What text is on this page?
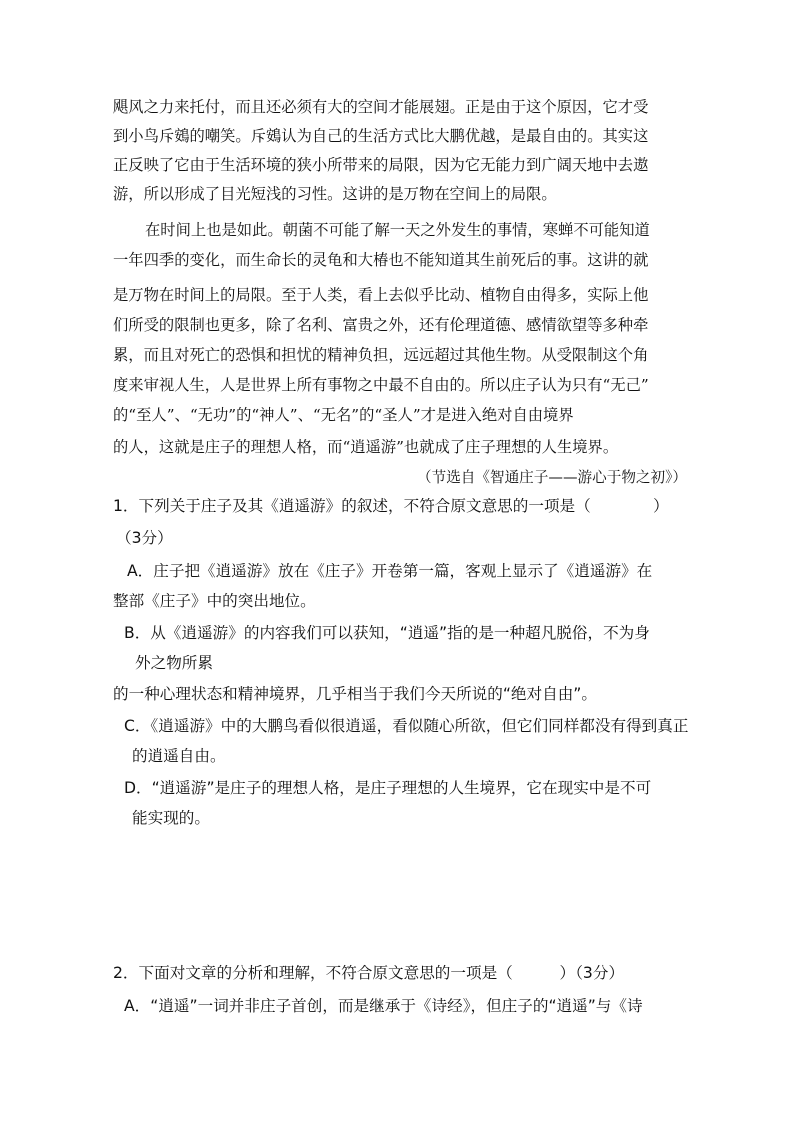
飓风之力来托付，而且还必须有大的空间才能展翅。正是由于这个原因，它才受
到小鸟斥鴳的嘲笑。斥鴳认为自己的生活方式比大鹏优越，是最自由的。其实这
正反映了它由于生活环境的狭小所带来的局限，因为它无能力到广阔天地中去遨
游，所以形成了目光短浅的习性。这讲的是万物在空间上的局限。
在时间上也是如此。朝菌不可能了解一天之外发生的事情，寒蝉不可能知道
一年四季的变化，而生命长的灵龟和大椿也不能知道其生前死后的事。这讲的就
是万物在时间上的局限。至于人类，看上去似乎比动、植物自由得多，实际上他
们所受的限制也更多，除了名利、富贵之外，还有伦理道德、感情欲望等多种牵
累，而且对死亡的恐惧和担忧的精神负担，远远超过其他生物。从受限制这个角
度来审视人生，人是世界上所有事物之中最不自由的。所以庄子认为只有“无己”
的“至人”、“无功”的“神人”、“无名”的“圣人”才是进入绝对自由境界
的人，这就是庄子的理想人格，而“逍遥游”也就成了庄子理想的人生境界。
（节选自《智通庄子——游心于物之初》）
1．下列关于庄子及其《逍遥游》的叙述，不符合原文意思的一项是（　　　　）
（3分）
A．庄子把《逍遥游》放在《庄子》开卷第一篇，客观上显示了《逍遥游》在
整部《庄子》中的突出地位。
B．从《逍遥游》的内容我们可以获知，“逍遥”指的是一种超凡脱俗，不为身
外之物所累
的一种心理状态和精神境界，几乎相当于我们今天所说的“绝对自由”。
C．《逍遥游》中的大鹏鸟看似很逍遥，看似随心所欲，但它们同样都没有得到真正
的逍遥自由。
D．“逍遥游”是庄子的理想人格，是庄子理想的人生境界，它在现实中是不可
能实现的。
2．下面对文章的分析和理解，不符合原文意思的一项是（　　　）（3分）
A．“逍遥”一词并非庄子首创，而是继承于《诗经》，但庄子的“逍遥”与《诗
